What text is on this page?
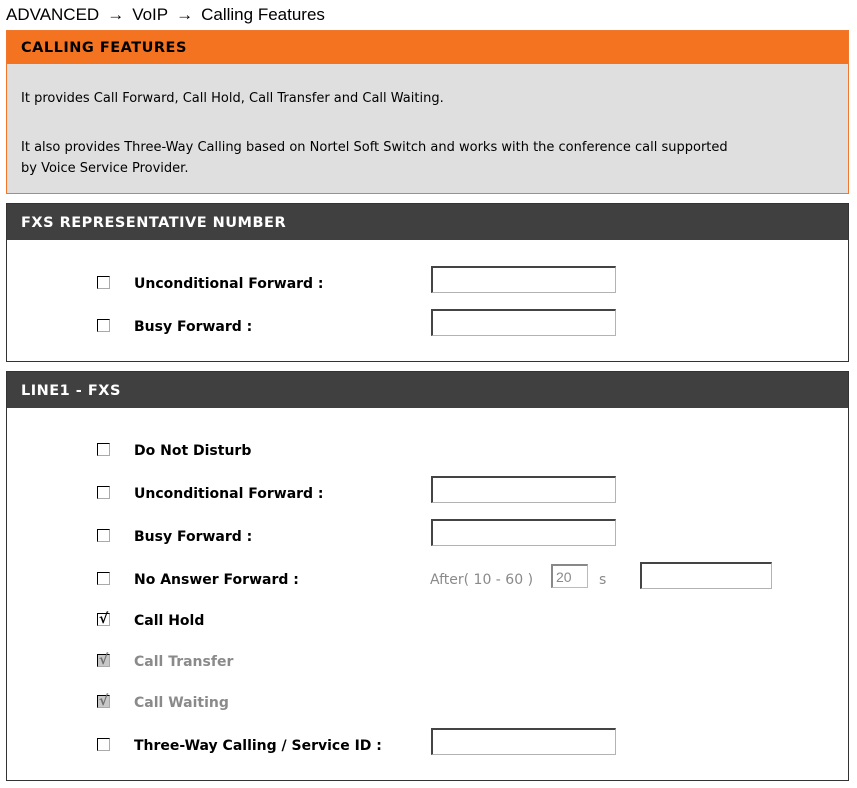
ADVANCED → VoIP → Calling Features
CALLING FEATURES

It provides Call Forward, Call Hold, Call Transfer and Call Waiting.

It also provides Three-Way Calling based on Nortel Soft Switch and works with the conference call supported

by Voice Service Provider.

FXS REPRESENTATIVE NUMBER
Unconditional Forward :
Busy Forward :
LINE1 - FXS
Do Not Disturb
Unconditional Forward :
Busy Forward :
No Answer Forward :	After( 10 - 60 )
20	s
√ Call Hold
√ Call Transfer
√ Call Waiting
Three-Way Calling / Service ID :
